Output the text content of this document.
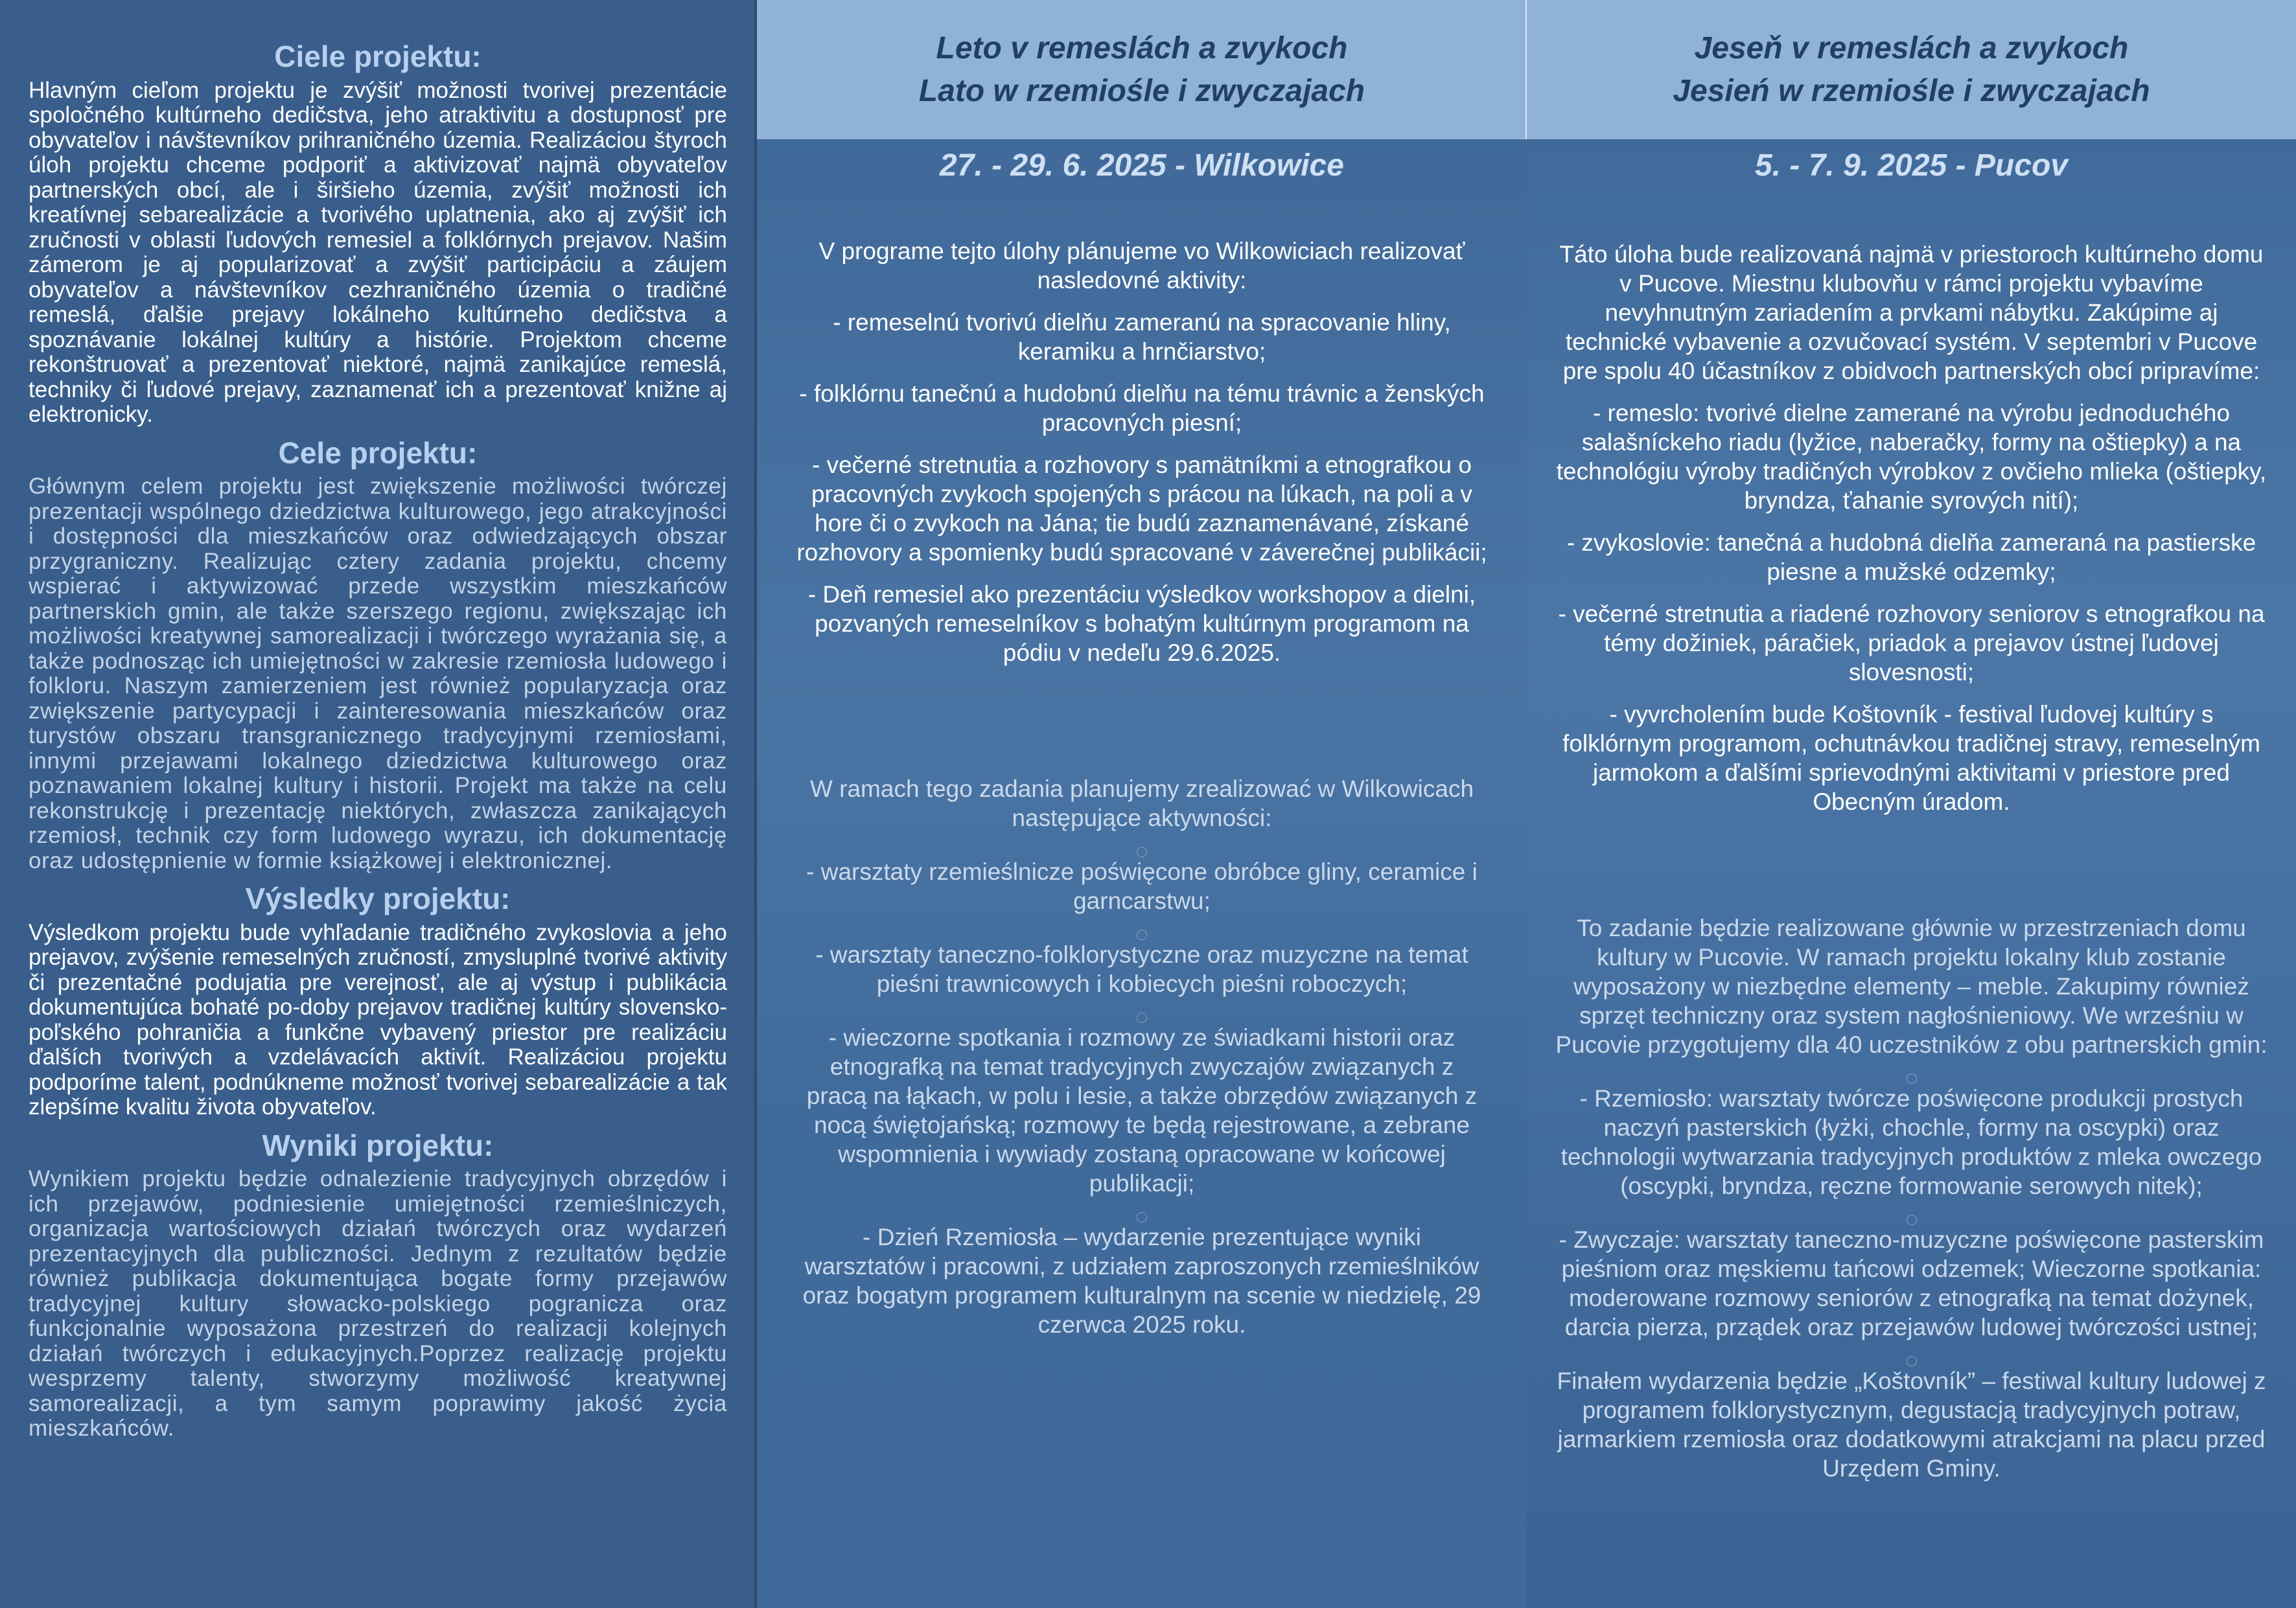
Ciele projektu:

Hlavným cieľom projektu je zvýšiť možnosti tvorivej prezentácie spoločného kultúrneho dedičstva, jeho atraktivitu a dostupnosť pre obyvateľov i návštevníkov prihraničného územia. Realizáciou štyroch úloh projektu chceme podporiť a aktivizovať najmä obyvateľov partnerských obcí, ale i širšieho územia, zvýšiť možnosti ich kreatívnej sebarealizácie a tvorivého uplatnenia, ako aj zvýšiť ich zručnosti v oblasti ľudových remesiel a folklórnych prejavov. Našim zámerom je aj popularizovať a zvýšiť participáciu a záujem obyvateľov a návštevníkov cezhraničného územia o tradičné remeslá, ďalšie prejavy lokálneho kultúrneho dedičstva a spoznávanie lokálnej kultúry a histórie. Projektom chceme rekonštruovať a prezentovať niektoré, najmä zanikajúce remeslá, techniky či ľudové prejavy, zaznamenať ich a prezentovať knižne aj elektronicky.

Cele projektu:

Głównym celem projektu jest zwiększenie możliwości twórczej prezentacji wspólnego dziedzictwa kulturowego, jego atrakcyjności i dostępności dla mieszkańców oraz odwiedzających obszar przygraniczny. Realizując cztery zadania projektu, chcemy wspierać i aktywizować przede wszystkim mieszkańców partnerskich gmin, ale także szerszego regionu, zwiększając ich możliwości kreatywnej samorealizacji i twórczego wyrażania się, a także podnosząc ich umiejętności w zakresie rzemiosła ludowego i folkloru. Naszym zamierzeniem jest również popularyzacja oraz zwiększenie partycypacji i zainteresowania mieszkańców oraz turystów obszaru transgranicznego tradycyjnymi rzemiosłami, innymi przejawami lokalnego dziedzictwa kulturowego oraz poznawaniem lokalnej kultury i historii. Projekt ma także na celu rekonstrukcję i prezentację niektórych, zwłaszcza zanikających rzemiosł, technik czy form ludowego wyrazu, ich dokumentację oraz udostępnienie w formie książkowej i elektronicznej.

Výsledky projektu:

Výsledkom projektu bude vyhľadanie tradičného zvykoslovia a jeho prejavov, zvýšenie remeselných zručností, zmysluplné tvorivé aktivity či prezentačné podujatia pre verejnosť, ale aj výstup i publikácia dokumentujúca bohaté po-doby prejavov tradičnej kultúry slovensko-poľského pohraničia a funkčne vybavený priestor pre realizáciu ďalších tvorivých a vzdelávacích aktivít. Realizáciou projektu podporíme talent, podnúkneme možnosť tvorivej sebarealizácie a tak zlepšíme kvalitu života obyvateľov.

Wyniki projektu:

Wynikiem projektu będzie odnalezienie tradycyjnych obrzędów i ich przejawów, podniesienie umiejętności rzemieślniczych, organizacja wartościowych działań twórczych oraz wydarzeń prezentacyjnych dla publiczności. Jednym z rezultatów będzie również publikacja dokumentująca bogate formy przejawów tradycyjnej kultury słowacko-polskiego pogranicza oraz funkcjonalnie wyposażona przestrzeń do realizacji kolejnych działań twórczych i edukacyjnych.Poprzez realizację projektu wesprzemy talenty, stworzymy możliwość kreatywnej samorealizacji, a tym samym poprawimy jakość życia mieszkańców.

Leto v remeslách a zvykoch
Lato w rzemiośle i zwyczajach
27. - 29. 6. 2025 - Wilkowice

V programe tejto úlohy plánujeme vo Wilkowiciach realizovať nasledovné aktivity:

- remeselnú tvorivú dielňu zameranú na spracovanie hliny, keramiku a hrnčiarstvo;

- folklórnu tanečnú a hudobnú dielňu na tému trávnic a ženských pracovných piesní;

- večerné stretnutia a rozhovory s pamätníkmi a etnografkou o pracovných zvykoch spojených s prácou na lúkach, na poli a v hore či o zvykoch na Jána; tie budú zaznamenávané, získané rozhovory a spomienky budú spracované v záverečnej publikácii;

- Deň remesiel ako prezentáciu výsledkov workshopov a dielni, pozvaných remeselníkov s bohatým kultúrnym programom na pódiu v nedeľu 29.6.2025.

W ramach tego zadania planujemy zrealizować w Wilkowicach następujące aktywności:

- warsztaty rzemieślnicze poświęcone obróbce gliny, ceramice i garncarstwu;

- warsztaty taneczno-folklorystyczne oraz muzyczne na temat pieśni trawnicowych i kobiecych pieśni roboczych;

- wieczorne spotkania i rozmowy ze świadkami historii oraz etnografką na temat tradycyjnych zwyczajów związanych z pracą na łąkach, w polu i lesie, a także obrzędów związanych z nocą świętojańską; rozmowy te będą rejestrowane, a zebrane wspomnienia i wywiady zostaną opracowane w końcowej publikacji;

- Dzień Rzemiosła – wydarzenie prezentujące wyniki warsztatów i pracowni, z udziałem zaproszonych rzemieślników oraz bogatym programem kulturalnym na scenie w niedzielę, 29 czerwca 2025 roku.

Jeseň v remeslách a zvykoch
Jesień w rzemiośle i zwyczajach
5. - 7. 9. 2025 - Pucov

Táto úloha bude realizovaná najmä v priestoroch kultúrneho domu v Pucove. Miestnu klubovňu v rámci projektu vybavíme nevyhnutným zariadením a prvkami nábytku. Zakúpime aj technické vybavenie a ozvučovací systém. V septembri v Pucove pre spolu 40 účastníkov z obidvoch partnerských obcí pripravíme:

- remeslo: tvorivé dielne zamerané na výrobu jednoduchého salašníckeho riadu (lyžice, naberačky, formy na oštiepky) a na technológiu výroby tradičných výrobkov z ovčieho mlieka (oštiepky, bryndza, ťahanie syrových nití);

- zvykoslovie: tanečná a hudobná dielňa zameraná na pastierske piesne a mužské odzemky;

- večerné stretnutia a riadené rozhovory seniorov s etnografkou na témy dožiniek, páračiek, priadok a prejavov ústnej ľudovej slovesnosti;

- vyvrcholením bude Koštovník - festival ľudovej kultúry s folklórnym programom, ochutnávkou tradičnej stravy, remeselným jarmokom a ďalšími sprievodnými aktivitami v priestore pred Obecným úradom.

To zadanie będzie realizowane głównie w przestrzeniach domu kultury w Pucovie. W ramach projektu lokalny klub zostanie wyposażony w niezbędne elementy – meble. Zakupimy również sprzęt techniczny oraz system nagłośnieniowy. We wrześniu w Pucovie przygotujemy dla 40 uczestników z obu partnerskich gmin:

- Rzemiosło: warsztaty twórcze poświęcone produkcji prostych naczyń pasterskich (łyżki, chochle, formy na oscypki) oraz technologii wytwarzania tradycyjnych produktów z mleka owczego (oscypki, bryndza, ręczne formowanie serowych nitek);

- Zwyczaje: warsztaty taneczno-muzyczne poświęcone pasterskim pieśniom oraz męskiemu tańcowi odzemek; Wieczorne spotkania: moderowane rozmowy seniorów z etnografką na temat dożynek, darcia pierza, prządek oraz przejawów ludowej twórczości ustnej;

Finałem wydarzenia będzie „Koštovník” – festiwal kultury ludowej z programem folklorystycznym, degustacją tradycyjnych potraw, jarmarkiem rzemiosła oraz dodatkowymi atrakcjami na placu przed Urzędem Gminy.
